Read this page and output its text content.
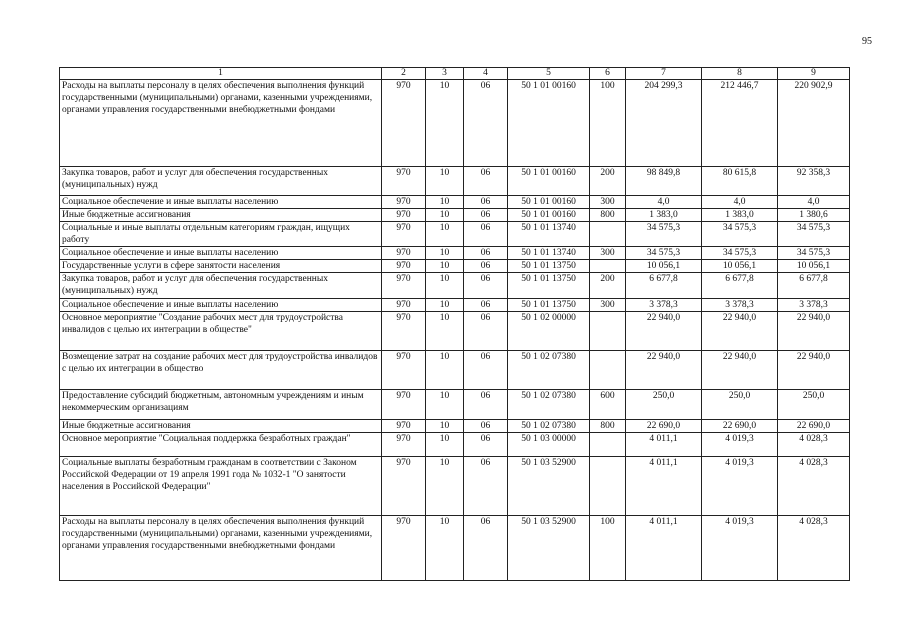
95
1	2	3	4	5	6	7	8	9
Расходы на выплаты персоналу в целях обеспечения выполнения функций государственными (муниципальными) органами, казенными учреждениями, органами управления государственными внебюджетными фондами	970	10	06	50 1 01 00160	100	204 299,3	212 446,7	220 902,9
Закупка товаров, работ и услуг для обеспечения государственных (муниципальных) нужд	970	10	06	50 1 01 00160	200	98 849,8	80 615,8	92 358,3
Социальное обеспечение и иные выплаты населению	970	10	06	50 1 01 00160	300	4,0	4,0	4,0
Иные бюджетные ассигнования	970	10	06	50 1 01 00160	800	1 383,0	1 383,0	1 380,6
Социальные и иные выплаты отдельным категориям граждан, ищущих работу	970	10	06	50 1 01 13740		34 575,3	34 575,3	34 575,3
Социальное обеспечение и иные выплаты населению	970	10	06	50 1 01 13740	300	34 575,3	34 575,3	34 575,3
Государственные услуги в сфере занятости населения	970	10	06	50 1 01 13750		10 056,1	10 056,1	10 056,1
Закупка товаров, работ и услуг для обеспечения государственных (муниципальных) нужд	970	10	06	50 1 01 13750	200	6 677,8	6 677,8	6 677,8
Социальное обеспечение и иные выплаты населению	970	10	06	50 1 01 13750	300	3 378,3	3 378,3	3 378,3
Основное мероприятие "Создание рабочих мест для трудоустройства инвалидов с целью их интеграции в обществе"	970	10	06	50 1 02 00000		22 940,0	22 940,0	22 940,0
Возмещение затрат на создание рабочих мест для трудоустройства инвалидов с целью их интеграции в общество	970	10	06	50 1 02 07380		22 940,0	22 940,0	22 940,0
Предоставление субсидий бюджетным, автономным учреждениям и иным некоммерческим организациям	970	10	06	50 1 02 07380	600	250,0	250,0	250,0
Иные бюджетные ассигнования	970	10	06	50 1 02 07380	800	22 690,0	22 690,0	22 690,0
Основное мероприятие "Социальная поддержка безработных граждан"	970	10	06	50 1 03 00000		4 011,1	4 019,3	4 028,3
Социальные выплаты безработным гражданам в соответствии с Законом Российской Федерации от 19 апреля 1991 года № 1032-1 "О занятости населения в Российской Федерации"	970	10	06	50 1 03 52900		4 011,1	4 019,3	4 028,3
Расходы на выплаты персоналу в целях обеспечения выполнения функций государственными (муниципальными) органами, казенными учреждениями, органами управления государственными внебюджетными фондами	970	10	06	50 1 03 52900	100	4 011,1	4 019,3	4 028,3
